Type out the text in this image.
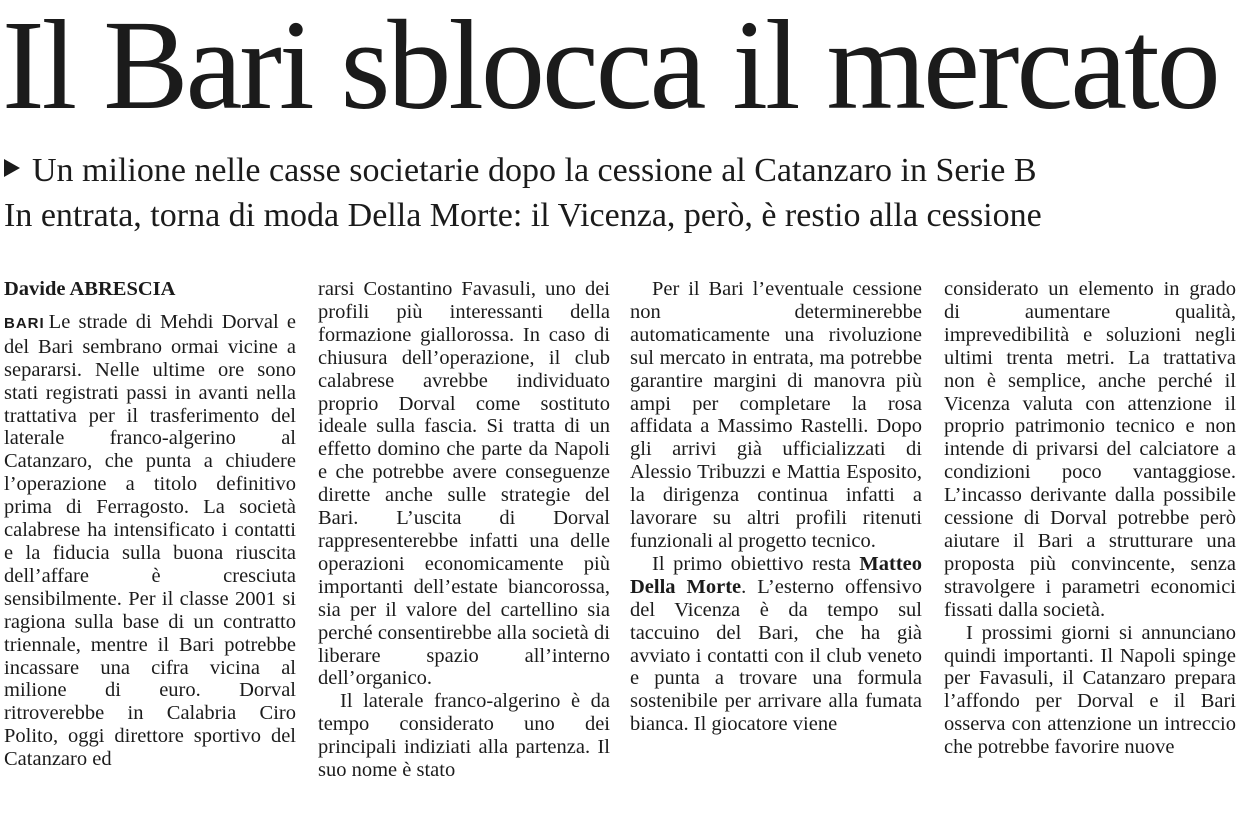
Il Bari sblocca il mercato
Un milione nelle casse societarie dopo la cessione al Catanzaro in Serie B
In entrata, torna di moda Della Morte: il Vicenza, però, è restio alla cessione

Davide ABRESCIA

BARI Le strade di Mehdi Dorval e del Bari sembrano ormai vicine a separarsi. Nelle ultime ore sono stati registrati passi in avanti nella trattativa per il trasferimento del laterale franco-algerino al Catanzaro, che punta a chiudere l’operazione a titolo definitivo prima di Ferragosto. La società calabrese ha intensificato i contatti e la fiducia sulla buona riuscita dell’affare è cresciuta sensibilmente. Per il classe 2001 si ragiona sulla base di un contratto triennale, mentre il Bari potrebbe incassare una cifra vicina al milione di euro. Dorval ritroverebbe in Calabria Ciro Polito, oggi direttore sportivo del Catanzaro ed

rarsi Costantino Favasuli, uno dei profili più interessanti della formazione giallorossa. In caso di chiusura dell’operazione, il club calabrese avrebbe individuato proprio Dorval come sostituto ideale sulla fascia. Si tratta di un effetto domino che parte da Napoli e che potrebbe avere conseguenze dirette anche sulle strategie del Bari. L’uscita di Dorval rappresenterebbe infatti una delle operazioni economicamente più importanti dell’estate biancorossa, sia per il valore del cartellino sia perché consentirebbe alla società di liberare spazio all’interno dell’organico.

Il laterale franco-algerino è da tempo considerato uno dei principali indiziati alla partenza. Il suo nome è stato

Per il Bari l’eventuale cessione non determinerebbe automaticamente una rivoluzione sul mercato in entrata, ma potrebbe garantire margini di manovra più ampi per completare la rosa affidata a Massimo Rastelli. Dopo gli arrivi già ufficializzati di Alessio Tribuzzi e Mattia Esposito, la dirigenza continua infatti a lavorare su altri profili ritenuti funzionali al progetto tecnico.

Il primo obiettivo resta Matteo Della Morte. L’esterno offensivo del Vicenza è da tempo sul taccuino del Bari, che ha già avviato i contatti con il club veneto e punta a trovare una formula sostenibile per arrivare alla fumata bianca. Il giocatore viene

considerato un elemento in grado di aumentare qualità, imprevedibilità e soluzioni negli ultimi trenta metri. La trattativa non è semplice, anche perché il Vicenza valuta con attenzione il proprio patrimonio tecnico e non intende di privarsi del calciatore a condizioni poco vantaggiose. L’incasso derivante dalla possibile cessione di Dorval potrebbe però aiutare il Bari a strutturare una proposta più convincente, senza stravolgere i parametri economici fissati dalla società.

I prossimi giorni si annunciano quindi importanti. Il Napoli spinge per Favasuli, il Catanzaro prepara l’affondo per Dorval e il Bari osserva con attenzione un intreccio che potrebbe favorire nuove
